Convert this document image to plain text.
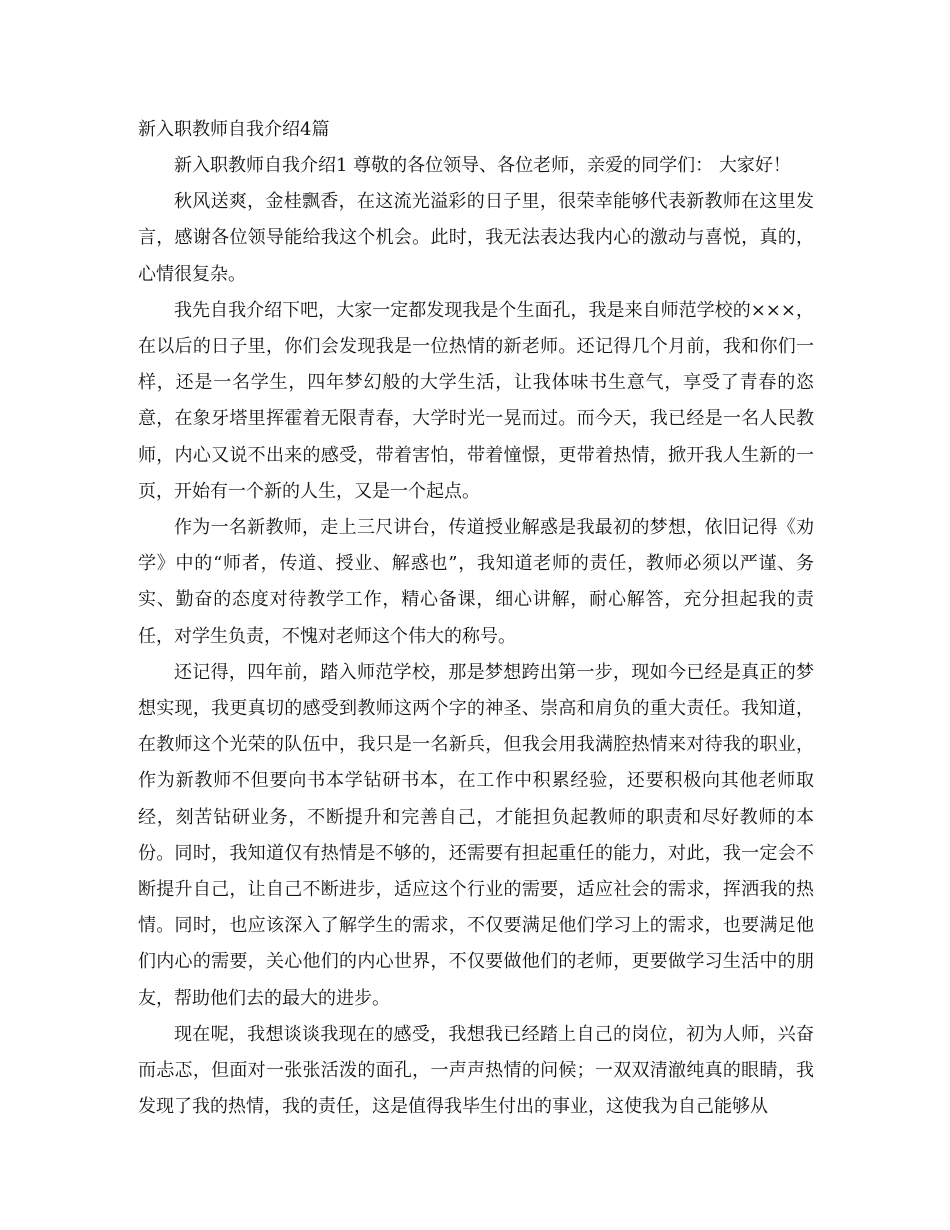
新入职教师自我介绍4篇

新入职教师自我介绍1 尊敬的各位领导、各位老师，亲爱的同学们： 大家好！

秋风送爽，金桂飘香，在这流光溢彩的日子里，很荣幸能够代表新教师在这里发言，感谢各位领导能给我这个机会。此时，我无法表达我内心的激动与喜悦，真的，心情很复杂。

我先自我介绍下吧，大家一定都发现我是个生面孔，我是来自师范学校的×××，在以后的日子里，你们会发现我是一位热情的新老师。还记得几个月前，我和你们一样，还是一名学生，四年梦幻般的大学生活，让我体味书生意气，享受了青春的恣意，在象牙塔里挥霍着无限青春，大学时光一晃而过。而今天，我已经是一名人民教师，内心又说不出来的感受，带着害怕，带着憧憬，更带着热情，掀开我人生新的一页，开始有一个新的人生，又是一个起点。

作为一名新教师，走上三尺讲台，传道授业解惑是我最初的梦想，依旧记得《劝学》中的“师者，传道、授业、解惑也”，我知道老师的责任，教师必须以严谨、务实、勤奋的态度对待教学工作，精心备课，细心讲解，耐心解答，充分担起我的责任，对学生负责，不愧对老师这个伟大的称号。

还记得，四年前，踏入师范学校，那是梦想跨出第一步，现如今已经是真正的梦想实现，我更真切的感受到教师这两个字的神圣、崇高和肩负的重大责任。我知道，在教师这个光荣的队伍中，我只是一名新兵，但我会用我满腔热情来对待我的职业，作为新教师不但要向书本学钻研书本，在工作中积累经验，还要积极向其他老师取经，刻苦钻研业务，不断提升和完善自己，才能担负起教师的职责和尽好教师的本份。同时，我知道仅有热情是不够的，还需要有担起重任的能力，对此，我一定会不断提升自己，让自己不断进步，适应这个行业的需要，适应社会的需求，挥洒我的热情。同时，也应该深入了解学生的需求，不仅要满足他们学习上的需求，也要满足他们内心的需要，关心他们的内心世界，不仅要做他们的老师，更要做学习生活中的朋友，帮助他们去的最大的进步。

现在呢，我想谈谈我现在的感受，我想我已经踏上自己的岗位，初为人师，兴奋而忐忑，但面对一张张活泼的面孔，一声声热情的问候；一双双清澈纯真的眼睛，我发现了我的热情，我的责任，这是值得我毕生付出的事业，这使我为自己能够从
